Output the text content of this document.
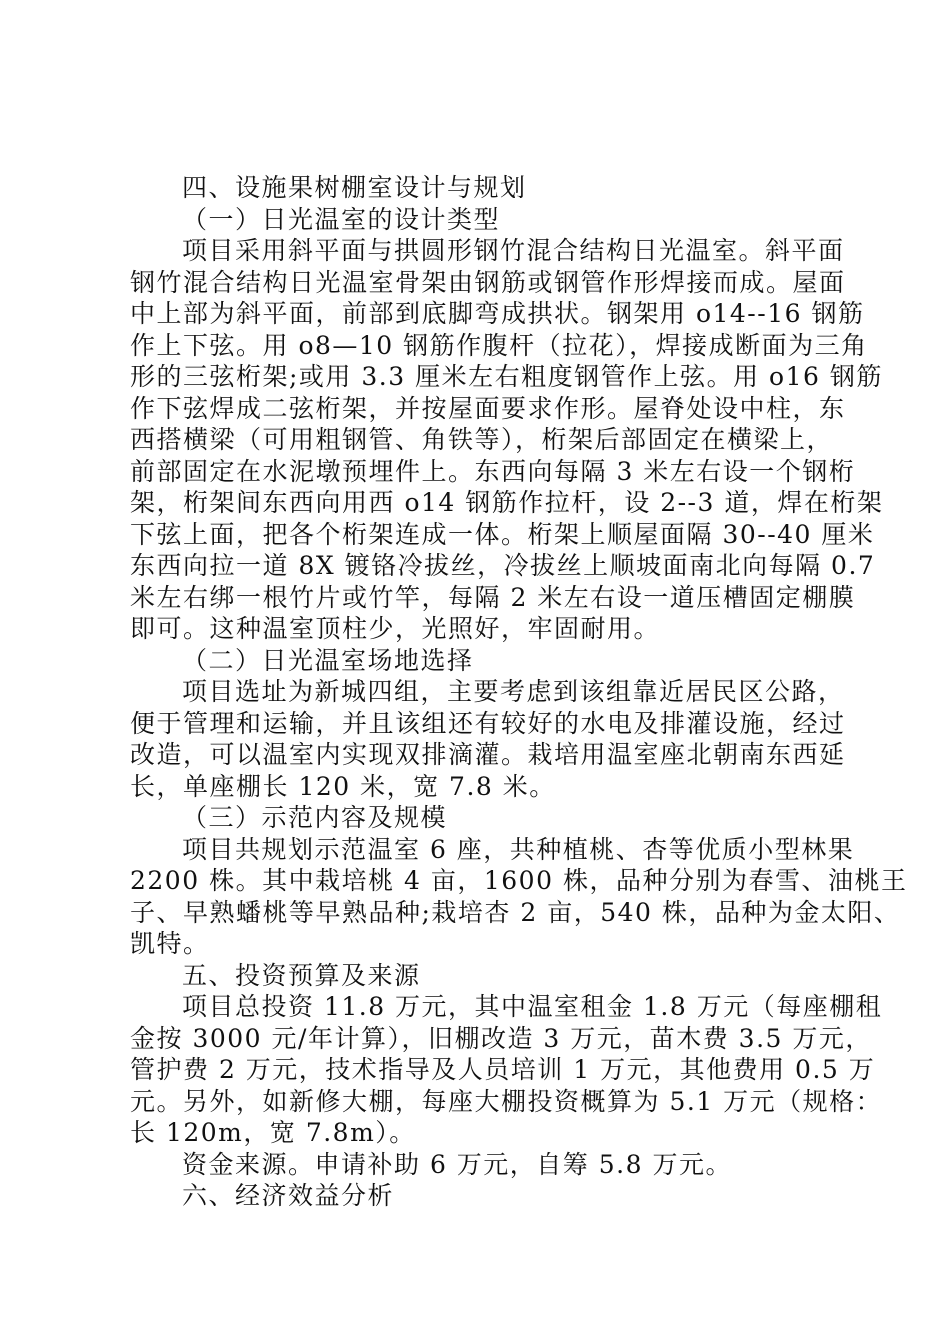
四、设施果树棚室设计与规划
（一）日光温室的设计类型
项目采用斜平面与拱圆形钢竹混合结构日光温室。斜平面
钢竹混合结构日光温室骨架由钢筋或钢管作形焊接而成。屋面
中上部为斜平面，前部到底脚弯成拱状。钢架用 o14--16 钢筋
作上下弦。用 o8—10 钢筋作腹杆（拉花），焊接成断面为三角
形的三弦桁架;或用 3.3 厘米左右粗度钢管作上弦。用 o16 钢筋
作下弦焊成二弦桁架，并按屋面要求作形。屋脊处设中柱，东
西搭横梁（可用粗钢管、角铁等），桁架后部固定在横梁上，
前部固定在水泥墩预埋件上。东西向每隔 3 米左右设一个钢桁
架，桁架间东西向用西 o14 钢筋作拉杆，设 2--3 道，焊在桁架
下弦上面，把各个桁架连成一体。桁架上顺屋面隔 30--40 厘米
东西向拉一道 8X 镀铬冷拔丝，冷拔丝上顺坡面南北向每隔 0.7
米左右绑一根竹片或竹竿，每隔 2 米左右设一道压槽固定棚膜
即可。这种温室顶柱少，光照好，牢固耐用。
（二）日光温室场地选择
项目选址为新城四组，主要考虑到该组靠近居民区公路，
便于管理和运输，并且该组还有较好的水电及排灌设施，经过
改造，可以温室内实现双排滴灌。栽培用温室座北朝南东西延
长，单座棚长 120 米，宽 7.8 米。
（三）示范内容及规模
项目共规划示范温室 6 座，共种植桃、杏等优质小型林果
2200 株。其中栽培桃 4 亩，1600 株，品种分别为春雪、油桃王
子、早熟蟠桃等早熟品种;栽培杏 2 亩，540 株，品种为金太阳、
凯特。
五、投资预算及来源
项目总投资 11.8 万元，其中温室租金 1.8 万元（每座棚租
金按 3000 元/年计算），旧棚改造 3 万元，苗木费 3.5 万元，
管护费 2 万元，技术指导及人员培训 1 万元，其他费用 0.5 万
元。另外，如新修大棚，每座大棚投资概算为 5.1 万元（规格：
长 120m，宽 7.8m）。
资金来源。申请补助 6 万元，自筹 5.8 万元。
六、经济效益分析
